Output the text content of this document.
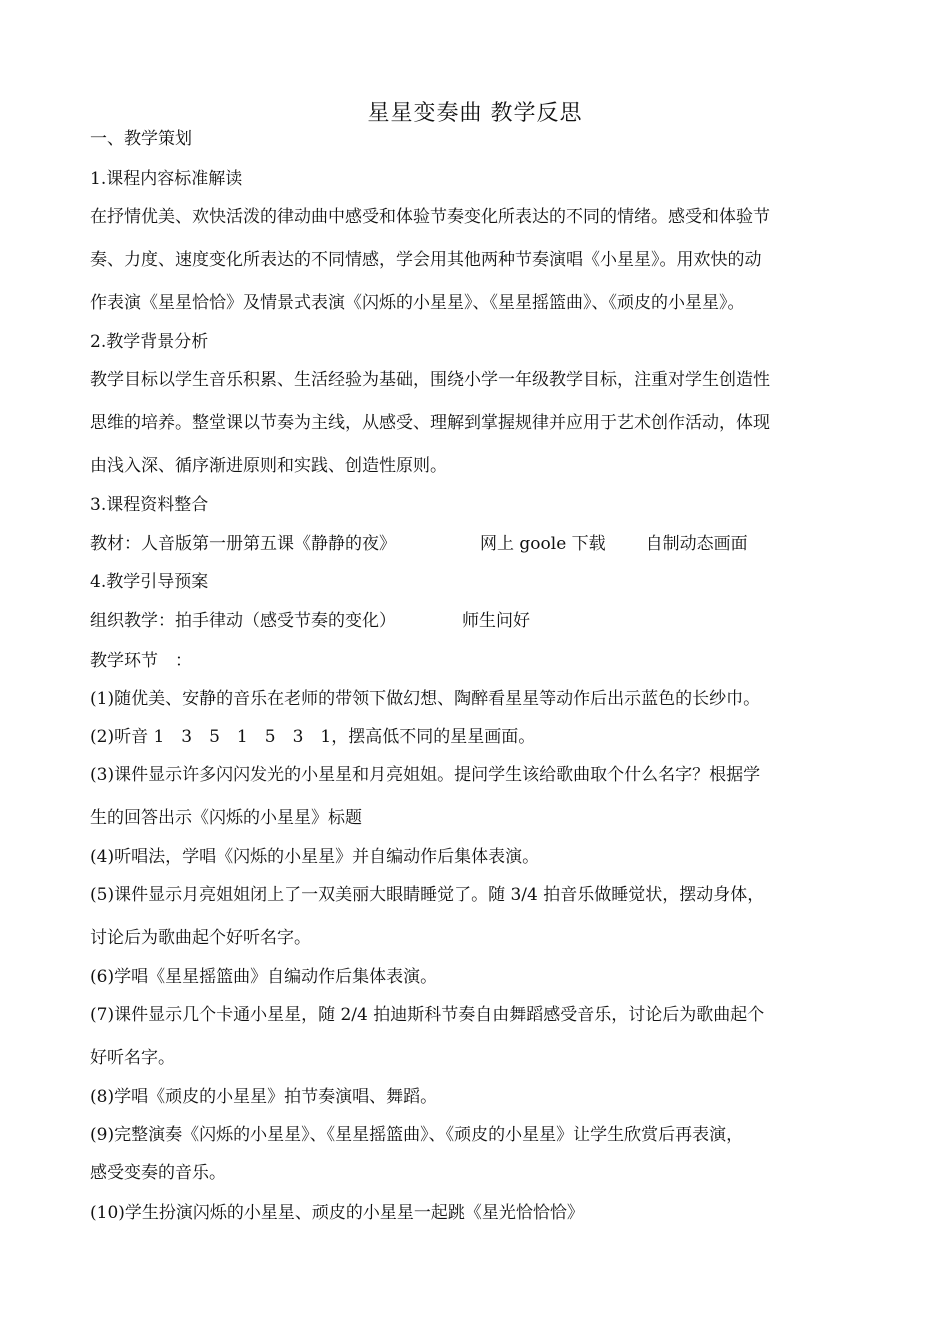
星星变奏曲 教学反思
一、教学策划
1.课程内容标准解读
在抒情优美、欢快活泼的律动曲中感受和体验节奏变化所表达的不同的情绪。感受和体验节
奏、力度、速度变化所表达的不同情感，学会用其他两种节奏演唱《小星星》。用欢快的动
作表演《星星恰恰》及情景式表演《闪烁的小星星》、《星星摇篮曲》、《顽皮的小星星》。
2.教学背景分析
教学目标以学生音乐积累、生活经验为基础，围绕小学一年级教学目标，注重对学生创造性
思维的培养。整堂课以节奏为主线，从感受、理解到掌握规律并应用于艺术创作活动，体现
由浅入深、循序渐进原则和实践、创造性原则。
3.课程资料整合
教材：人音版第一册第五课《静静的夜》	网上 goole 下载 自制动态画面
4.教学引导预案
组织教学：拍手律动（感受节奏的变化）	师生问好
教学环节　：
(1)随优美、安静的音乐在老师的带领下做幻想、陶醉看星星等动作后出示蓝色的长纱巾。
(2)听音 1　3　5　1　5　3　1，摆高低不同的星星画面。
(3)课件显示许多闪闪发光的小星星和月亮姐姐。提问学生该给歌曲取个什么名字？根据学
生的回答出示《闪烁的小星星》标题
(4)听唱法，学唱《闪烁的小星星》并自编动作后集体表演。
(5)课件显示月亮姐姐闭上了一双美丽大眼睛睡觉了。随 3/4 拍音乐做睡觉状，摆动身体，
讨论后为歌曲起个好听名字。
(6)学唱《星星摇篮曲》自编动作后集体表演。
(7)课件显示几个卡通小星星，随 2/4 拍迪斯科节奏自由舞蹈感受音乐，讨论后为歌曲起个
好听名字。
(8)学唱《顽皮的小星星》拍节奏演唱、舞蹈。
(9)完整演奏《闪烁的小星星》、《星星摇篮曲》、《顽皮的小星星》让学生欣赏后再表演，
感受变奏的音乐。
(10)学生扮演闪烁的小星星、顽皮的小星星一起跳《星光恰恰恰》
